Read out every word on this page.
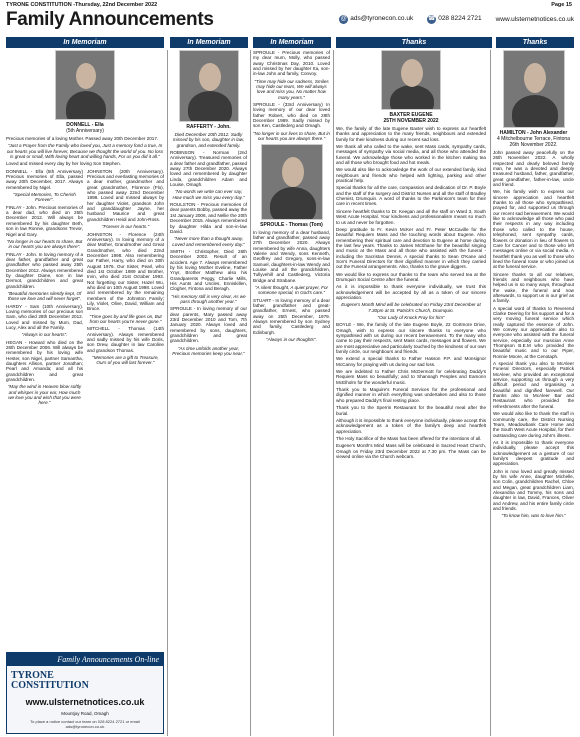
TYRONE CONSTITUTION -Thursday, 22nd December 2022	Page 15
Family Announcements	@ ads@tyronecon.co.uk ☎ 028 8224 2721 www.ulsternetnotices.co.uk
In Memoriam	In Memoriam	In Memoriam	Thanks	Thanks
DONNELL - Ella
(5th Anniversary)

Precious memories of a loving Mother. Passed away 20th December 2017.

"Just a Prayer from the Family who loved you, Just a memory fond a true, In our hearts you will live forever, Because we thought the world of you. No loss is great or small, With loving heart and willing hands, For us you did it all."

Loved and missed every day by her loving Son Stephen.

DONNELL - Ella (5th Anniversary) Precious memories of Ella, passed away 20th December, 2017. Always remembered by Nigel.

"Special Memories, To Cherish Forever".

FINLAY - John. Precious memories of a dear dad, who died on 25th December 2012. Will always be remembered by his daughter Beth, son in law Ronnie, grandsons Trevor, Nigel and Gary.

"No longer in our hearts to share, But in our hearts you are always there".

FINLAY - John. In loving memory of a dear father, grandfather and great grandfather who passed away 25th December 2012. Always remembered by daughter Diane, son in law Dermot, grandchildren and great grandchildren.

"Beautiful memories silently kept, Of those we love and will never forget".

HARDY - Sam (10th Anniversary). Loving memories of our precious son Sam, who died 28th December 2012. Loved and missed by Mum, Dad, Lucy, Alex and all the Family.

"Always in our hearts".

HEGAN - Howard who died on the 26th December 2006. Will always be remembered by his loving wife Hester, son Nigel, partner Samantha, daughters Allison, partner Jonathan; Pearl and Amanda; and all his grandchildren and great grandchildren.

"May the wind in Heaven blow softly and whisper in your ear, How much we love you and wish that you were here."

JOHNSTON (20th Anniversary). Precious and everlasting memories of a dear mother, grandmother and great grandmother, Florence (Flo), who passed away 22nd December 1998. Loved and missed always by her daughter Violet, grandson John and granddaughter Jayne, her husband Maurice and great grandchildren Heidi and John-Ross.

"Forever in our hearts."

JOHNSTON - Florence (24th Anniversary). In loving memory of a dear Mother, Grandmother and Great Grandmother, who died 22nd December 1998. Also remembering our Father, Harry, who died on 30th August 1976. Our Sister, Pearl, who died 1st October 1989 and Brother, Irvin, who died 21st October 1993. Not forgetting our Sister, Hazel Wu, who died on 10th August 1998. Loved and remembered by the remaining members of the Johnston Family; Lily, Violet, Olive, David, William and Bruce.

"Time goes by and life goes on, But from our hearts you're never gone."

MITCHELL - Thomas (14th Anniversary). Always remembered and sadly missed by his wife Doris, son Drew, daughter in law Caroline and grandson Thomas.

"Memories are a gift to Treasure, Ours of you will last forever."

Family Announcements On-line
TYRONE
CONSTITUTION
www.ulsternetnotices.co.uk
Mountjoy Road, Omagh
To place a notice contact our team on 028 8224 2721 or email ads@tyronecon.co.uk
RAFFERTY - John.

Died December 20th 2012. Sadly missed by his son, daughter in law, grandson, and extended family.

ROBINSON - Norman (2nd Anniversary). Treasured memories of a dear father and grandfather, passed away 27th December 2020. Always loved and remembered by daughter Linda, grandchildren Adam and Louise, Omagh.

"No words we write can ever say, How much we miss you every day."

ROULSTON - Precious memories of dear parents Bobby, passed away the 1st January 2006, and Nellie the 20th December 2015. Always remembered by daughter Hilda and son-in-law David.

"Never more than a thought away, Loved and remembered every day."

SMITH - Christopher, Died 26th December 2002. Result of an accident. Age 7. Always remembered by his loving Mother Eveline, Father Ynyr, Brother Matthew also his Grandparents Peggy, Charlie Mills, His Aunts and Uncles, Enniskillen, Clogher, Fintona and Beragh.

"His memory still is very clear, As we pass through another year."

SPROULE - In loving memory of our dear parents, Mary passed away 23rd December 2010 and Tom, 7th January 2020. Always loved and remembered by sons, daughters, grandchildren and great grandchildren.

"As time unfolds another year, Precious memories keep you near."

SPROULE - Precious memories of my dear mum, Molly, who passed away Christmas Day, 2010. Loved and missed by her daughter Ita, son-in-law John and family, Convoy.

"Time may hide our sadness, Smiles may hide our tears, We will always love and miss you, No matter how many years."

SPROULE - (33rd Anniversary) In loving memory of our dear loved father Robert, who died on 28th December 1989. Sadly missed by son Ken, Castlederg and Omagh.

"No longer in our lives to share, But in our hearts you are always there."

SPROULE - Thomas (Tom)

In loving memory of a dear husband, father and grandfather, passed away 27th December 2020. Always remembered by wife Anna, daughters Valerie and Wendy, sons Kenneth, Geoffrey and Gregory, sons-in-law Samuel, daughters-in-law Wendy and Louise and all the grandchildren, Tullyvehill and Castlederg, Victoria Bridge and Strabane.

"A silent thought, A quiet prayer, For someone special, In God's care."

STUART - In loving memory of a dear father, grandfather and great-grandfather, Ernest, who passed away on 25th December, 1979. Always remembered by son Sydney and family, Castlederg and Edinburgh.

"Always in our thoughts".

BAXTER EUGENE
25TH NOVEMBER 2022

We, the family of the late Eugene Baxter wish to express our heartfelt thanks and appreciation to the many friends, neighbours and extended family for their kindness during our recent sad loss.

We thank all who called to the wake, sent Mass cards, sympathy cards, messages of sympathy via social media, and all those who attended the funeral. We acknowledge those who worked in the kitchen making tea and all those who brought food and hot meals.

We would also like to acknowledge the work of our extended family, kind neighbours and friends who helped with lighting, parking and other practical help.

Special thanks for all the care, compassion and dedication of Dr. P. Boyle and the staff of the surgery and District Nurses and all the staff of Bradley Chemist, Drumquin. A word of thanks to the Parkinson's team for their care in recent times.

Sincere heartfelt thanks to Dr. Keegan and all the staff on Ward 3, South West Acute Hospital. Your kindness and professionalism meant so much to us and never be forgotten.

Deep gratitude to Fr. Kevin McKer and Fr. Peter McCaville for the beautiful Requiem Mass and the touching words about Eugene. Also remembering their spiritual care and devotion to Eugene at home during the last few years. Thanks to James McShane for the beautiful singing and music at the Mass and all those who assisted with the funeral - including the Sacristan Dennis. A special thanks to Sean O'Kane and Son's Funeral Directors for their dignified manner in which they carried out the Funeral arrangements. Also, thanks to the grave diggers.

We would like to express our thanks to the team who served tea at the Drumquin Social Centre after the funeral.

As it is impossible to thank everyone individually, we trust this acknowledgement will be accepted by all as a token of our sincere appreciation.

Eugene's Month Mind will be celebrated on Friday 23rd December at 7.30pm at St. Patrick's Church, Drumquin.

"Our Lady of Knock Pray for him"

BOYLE - We, the family of the late Eugene Boyle, 22 Gortmore Drive, Omagh, wish to express our sincere thanks to everyone who sympathised with us during our recent bereavement. To the many who came to pay their respects, sent Mass cards, messages and flowers. We are most appreciative and particularly touched by the kindness of our own family circle, our neighbours and friends.

We extend a special thanks to Father Hasson P.P. and Monsignor McCanny for praying with us during our sad loss.

We are indebted to Father Chris McDermott for celebrating Daddy's Requiem Mass so beautifully; and to Shannagh Peoples and Eamonn McElholm for the wonderful music.

Thank you to Maguire's Funeral Services for the professional and dignified manner in which everything was undertaken and also to those who prepared Daddy's final resting place.

Thank you to the Sperrin Restaurant for the beautiful meal after the burial.

Although it is impossible to thank everyone individually, please accept this acknowledgement as a token of the family's deep and heartfelt appreciation.

The Holy Sacrifice of the Mass has been offered for the intentions of all.

Eugene's Month's Mind Mass will be celebrated in Sacred Heart Church, Omagh on Friday 23rd December 2022 at 7.30 pm. The Mass can be viewed online via the Church webcam.

HAMILTON - John Alexander
4 Mitchelbourne Terrace, Fintona 26th November 2022.

John passed away peacefully on the 26th November 2022. A wholly respected and dearly beloved family man, he was a devoted and deeply treasured husband, father, grandfather, great grandfather, father-in-law, uncle and friend.

We, his family wish to express our sincere appreciation and heartfelt thanks to all those who sympathised, prayed for, and supported us through our recent sad bereavement. We would like to acknowledge all those who paid their respects in any way including those who called to the house, telephoned, sent sympathy cards, flowers or donation in lieu of flowers to Care for Cancer and to those who left messages online or via social media. A heartfelt thank you as well to those who lined the funeral route or who joined us at the funeral service.

Sincere thanks to all our relatives, friends and neighbours who have helped us in so many ways, throughout the wake, the funeral and now afterwards, to support us in our grief as a family.

A special word of thanks to Reverend Clarke Deering for his support and for a very moving funeral service which really captured the essence of John. We convey our appreciation also to everyone who assisted with the funeral service, especially our musician Anne Thompson B.E.M who provided the beautiful music and to our Piper, Ronnie Moore, at the Cenotaph.

A special thank you also to McAleer Funeral Directors, especially Patrick McAleer, who provided an exceptional service, supporting us through a very difficult period and organising a beautiful and dignified farewell. Our thanks also to McAleer Bar and Restaurant who provided the refreshments after the funeral.

We would also like to thank the staff in community care, the District Nursing Team, Meadowbank Care Home and the South West Acute Hospital, for their outstanding care during John's illness.

As it is impossible to thank everyone individually, please accept this acknowledgement as a gesture of our family's deepest gratitude and appreciation.

John is now loved and greatly missed by his wife Anne, daughter Michelle, son Colin, grandchildren Rachel, Chloe and Megan, great grandchildren Liam, Alexandria and Tommy, his sons and daughter in law, David, Frances, Oliver and Andrew, and his entire family circle and friends.

"To know him, was to love him."
